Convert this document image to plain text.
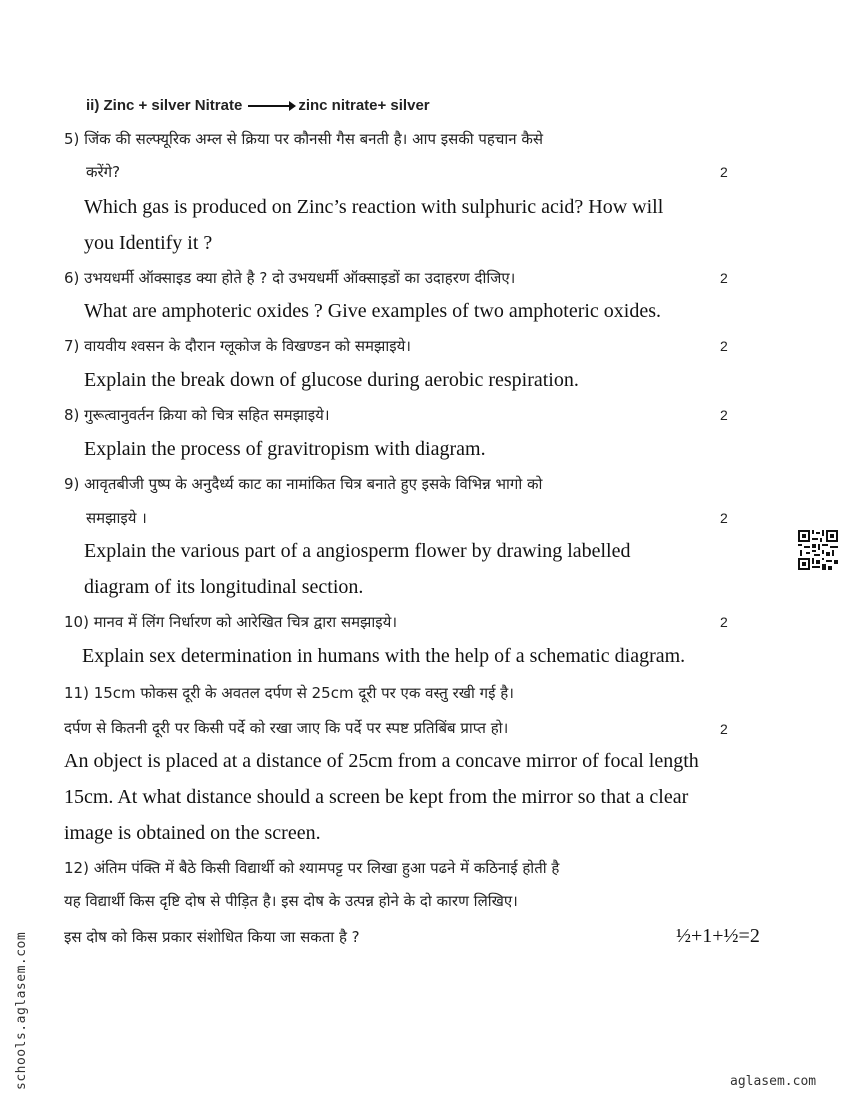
ii) Zinc + silver Nitrate	zinc nitrate+ silver
5) जिंक की सल्फ्यूरिक अम्ल से क्रिया पर कौनसी गैस बनती है। आप इसकी पहचान कैसे
करेंगे?	2
Which gas is produced on Zinc’s reaction with sulphuric acid? How will
you Identify it ?
6) उभयधर्मी ऑक्साइड क्या होते है ? दो उभयधर्मी ऑक्साइडों का उदाहरण दीजिए।	2
What are amphoteric oxides ? Give examples of two amphoteric oxides.
7) वायवीय श्वसन के दौरान ग्लूकोज के विखण्डन को समझाइये।	2
Explain the break down of glucose during aerobic respiration.
8) गुरूत्वानुवर्तन क्रिया को चित्र सहित समझाइये।	2
Explain the process of gravitropism with diagram.
9) आवृतबीजी पुष्प के अनुदैर्ध्य काट का नामांकित चित्र बनाते हुए इसके विभिन्न भागो को
समझाइये ।	2
Explain the various part of a angiosperm flower by drawing labelled
diagram of its longitudinal section.
10) मानव में लिंग निर्धारण को आरेखित चित्र द्वारा समझाइये।	2
Explain sex determination in humans with the help of a schematic diagram.
11) 15cm फोकस दूरी के अवतल दर्पण से 25cm दूरी पर एक वस्तु रखी गई है।
दर्पण से कितनी दूरी पर किसी पर्दे को रखा जाए कि पर्दे पर स्पष्ट प्रतिबिंब प्राप्त हो।	2
An object is placed at a distance of 25cm from a concave mirror of focal length
15cm. At what distance should a screen be kept from the mirror so that a clear
image is obtained on the screen.
12) अंतिम पंक्ति में बैठे किसी विद्यार्थी को श्यामपट्ट पर लिखा हुआ पढने में कठिनाई होती है
यह विद्यार्थी किस दृष्टि दोष से पीड़ित है। इस दोष के उत्पन्न होने के दो कारण लिखिए।
इस दोष को किस प्रकार संशोधित किया जा सकता है ?	½+1+½=2
schools.aglasem.com	aglasem.com
